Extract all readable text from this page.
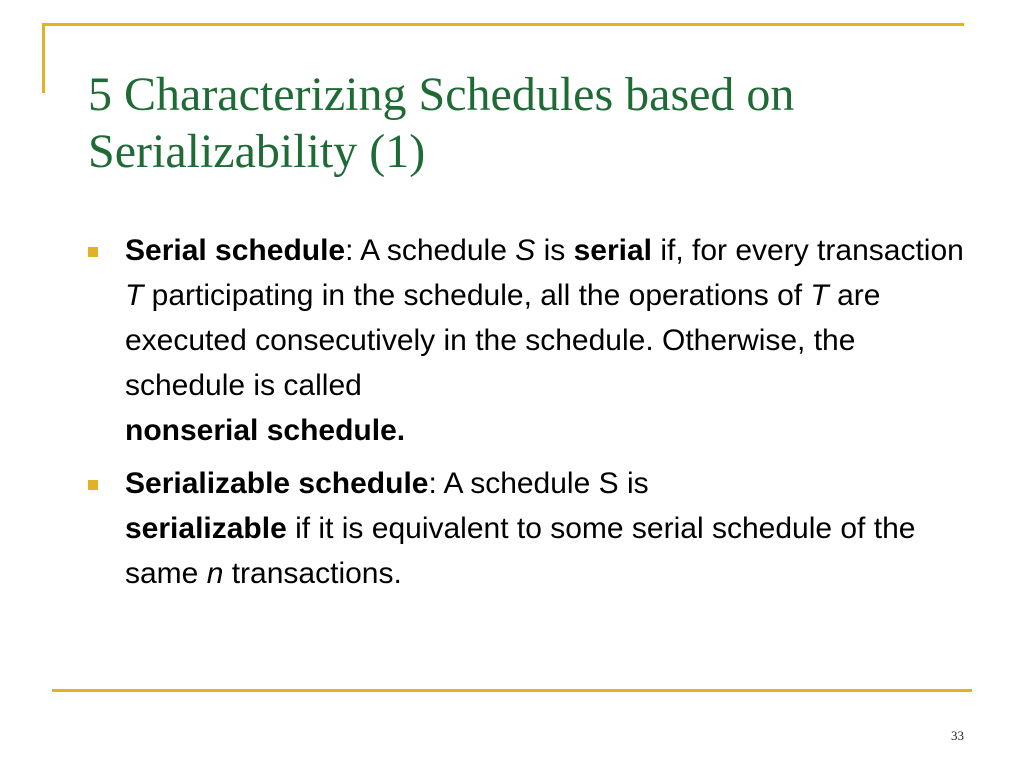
5 Characterizing Schedules based on Serializability (1)
Serial schedule: A schedule S is serial if, for every transaction T participating in the schedule, all the operations of T are executed consecutively in the schedule. Otherwise, the schedule is called
nonserial schedule.
Serializable schedule: A schedule S is
serializable if it is equivalent to some serial schedule of the same n transactions.
33
